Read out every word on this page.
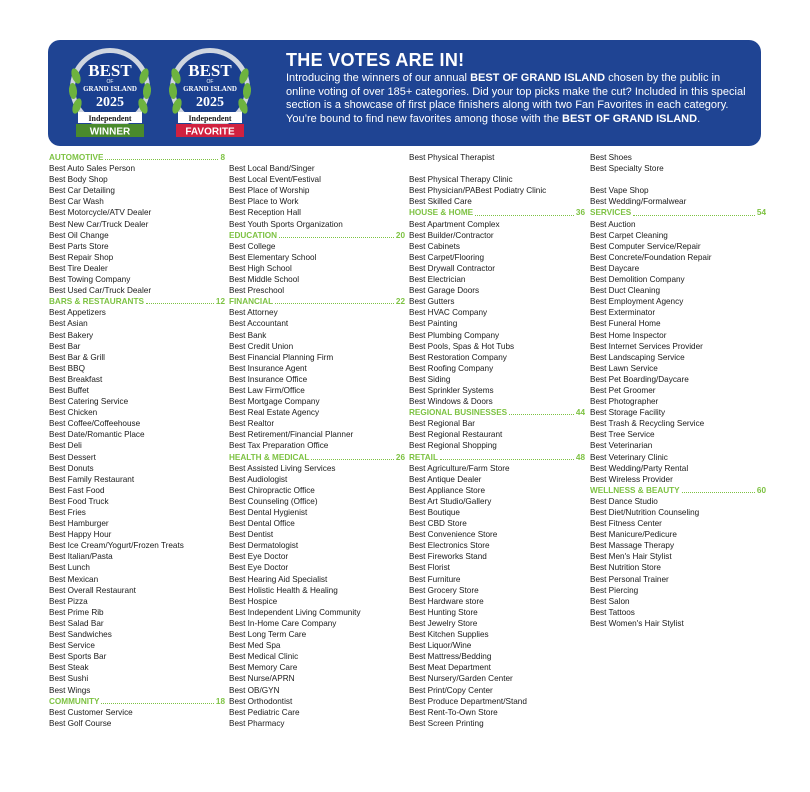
BEST
OF
GRAND ISLAND
2025
Independent
WINNER
BEST
OF
GRAND ISLAND
2025
Independent
FAVORITE
THE VOTES ARE IN!
Introducing the winners of our annual BEST OF GRAND ISLAND chosen by the public in online voting of over 185+ categories. Did your top picks make the cut? Included in this special section is a showcase of first place finishers along with two Fan Favorites in each category. You’re bound to find new favorites among those with the BEST OF GRAND ISLAND.
AUTOMOTIVE	8
Best Auto Sales Person
Best Body Shop
Best Car Detailing
Best Car Wash
Best Motorcycle/ATV Dealer
Best New Car/Truck Dealer
Best Oil Change
Best Parts Store
Best Repair Shop
Best Tire Dealer
Best Towing Company
Best Used Car/Truck Dealer
BARS & RESTAURANTS	12
Best Appetizers
Best Asian
Best Bakery
Best Bar
Best Bar & Grill
Best BBQ
Best Breakfast
Best Buffet
Best Catering Service
Best Chicken
Best Coffee/Coffeehouse
Best Date/Romantic Place
Best Deli
Best Dessert
Best Donuts
Best Family Restaurant
Best Fast Food
Best Food Truck
Best Fries
Best Hamburger
Best Happy Hour
Best Ice Cream/Yogurt/Frozen Treats
Best Italian/Pasta
Best Lunch
Best Mexican
Best Overall Restaurant
Best Pizza
Best Prime Rib
Best Salad Bar
Best Sandwiches
Best Service
Best Sports Bar
Best Steak
Best Sushi
Best Wings
COMMUNITY	18
Best Customer Service
Best Golf Course
Best Local Band/Singer
Best Local Event/Festival
Best Place of Worship
Best Place to Work
Best Reception Hall
Best Youth Sports Organization
EDUCATION	20
Best College
Best Elementary School
Best High School
Best Middle School
Best Preschool
FINANCIAL	22
Best Attorney
Best Accountant
Best Bank
Best Credit Union
Best Financial Planning Firm
Best Insurance Agent
Best Insurance Office
Best Law Firm/Office
Best Mortgage Company
Best Real Estate Agency
Best Realtor
Best Retirement/Financial Planner
Best Tax Preparation Office
HEALTH & MEDICAL	26
Best Assisted Living Services
Best Audiologist
Best Chiropractic Office
Best Counseling (Office)
Best Dental Hygienist
Best Dental Office
Best Dentist
Best Dermatologist
Best Eye Doctor
Best Eye Doctor
Best Hearing Aid Specialist
Best Holistic Health & Healing
Best Hospice
Best Independent Living Community
Best In-Home Care Company
Best Long Term Care
Best Med Spa
Best Medical Clinic
Best Memory Care
Best Nurse/APRN
Best OB/GYN
Best Orthodontist
Best Pediatric Care
Best Pharmacy
Best Physical Therapist
Best Physical Therapy Clinic
Best Physician/PABest Podiatry Clinic
Best Skilled Care
HOUSE & HOME	36
Best Apartment Complex
Best Builder/Contractor
Best Cabinets
Best Carpet/Flooring
Best Drywall Contractor
Best Electrician
Best Garage Doors
Best Gutters
Best HVAC Company
Best Painting
Best Plumbing Company
Best Pools, Spas & Hot Tubs
Best Restoration Company
Best Roofing Company
Best Siding
Best Sprinkler Systems
Best Windows & Doors
REGIONAL BUSINESSES	44
Best Regional Bar
Best Regional Restaurant
Best Regional Shopping
RETAIL	48
Best Agriculture/Farm Store
Best Antique Dealer
Best Appliance Store
Best Art Studio/Gallery
Best Boutique
Best CBD Store
Best Convenience Store
Best Electronics Store
Best Fireworks Stand
Best Florist
Best Furniture
Best Grocery Store
Best Hardware store
Best Hunting Store
Best Jewelry Store
Best Kitchen Supplies
Best Liquor/Wine
Best Mattress/Bedding
Best Meat Department
Best Nursery/Garden Center
Best Print/Copy Center
Best Produce Department/Stand
Best Rent-To-Own Store
Best Screen Printing
Best Shoes
Best Specialty Store
Best Vape Shop
Best Wedding/Formalwear
SERVICES	54
Best Auction
Best Carpet Cleaning
Best Computer Service/Repair
Best Concrete/Foundation Repair
Best Daycare
Best Demolition Company
Best Duct Cleaning
Best Employment Agency
Best Exterminator
Best Funeral Home
Best Home Inspector
Best Internet Services Provider
Best Landscaping Service
Best Lawn Service
Best Pet Boarding/Daycare
Best Pet Groomer
Best Photographer
Best Storage Facility
Best Trash & Recycling Service
Best Tree Service
Best Veterinarian
Best Veterinary Clinic
Best Wedding/Party Rental
Best Wireless Provider
WELLNESS & BEAUTY	60
Best Dance Studio
Best Diet/Nutrition Counseling
Best Fitness Center
Best Manicure/Pedicure
Best Massage Therapy
Best Men's Hair Stylist
Best Nutrition Store
Best Personal Trainer
Best Piercing
Best Salon
Best Tattoos
Best Women's Hair Stylist
